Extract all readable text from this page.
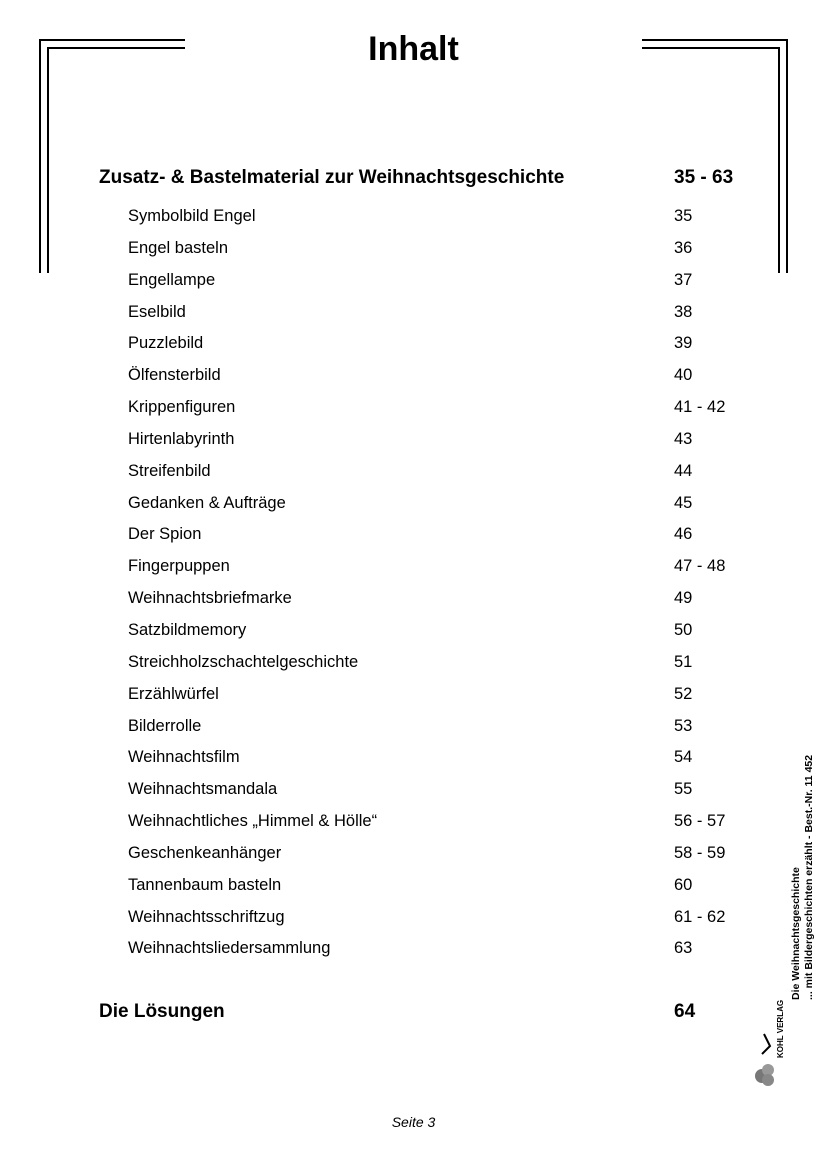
Inhalt
Zusatz- & Bastelmaterial zur Weihnachtsgeschichte	35 - 63
Symbolbild Engel	35
Engel basteln	36
Engellampe	37
Eselbild	38
Puzzlebild	39
Ölfensterbild	40
Krippenfiguren	41 - 42
Hirtenlabyrinth	43
Streifenbild	44
Gedanken & Aufträge	45
Der Spion	46
Fingerpuppen	47 - 48
Weihnachtsbriefmarke	49
Satzbildmemory	50
Streichholzschachtelgeschichte	51
Erzählwürfel	52
Bilderrolle	53
Weihnachtsfilm	54
Weihnachtsmandala	55
Weihnachtliches „Himmel & Hölle“	56 - 57
Geschenkeanhänger	58 - 59
Tannenbaum basteln	60
Weihnachtsschriftzug	61 - 62
Weihnachtsliedersammlung	63
Die Lösungen	64
Die Weihnachtsgeschichte ... mit Bildergeschichten erzählt - Best.-Nr. 11 452
KOHL VERLAG
Seite 3
